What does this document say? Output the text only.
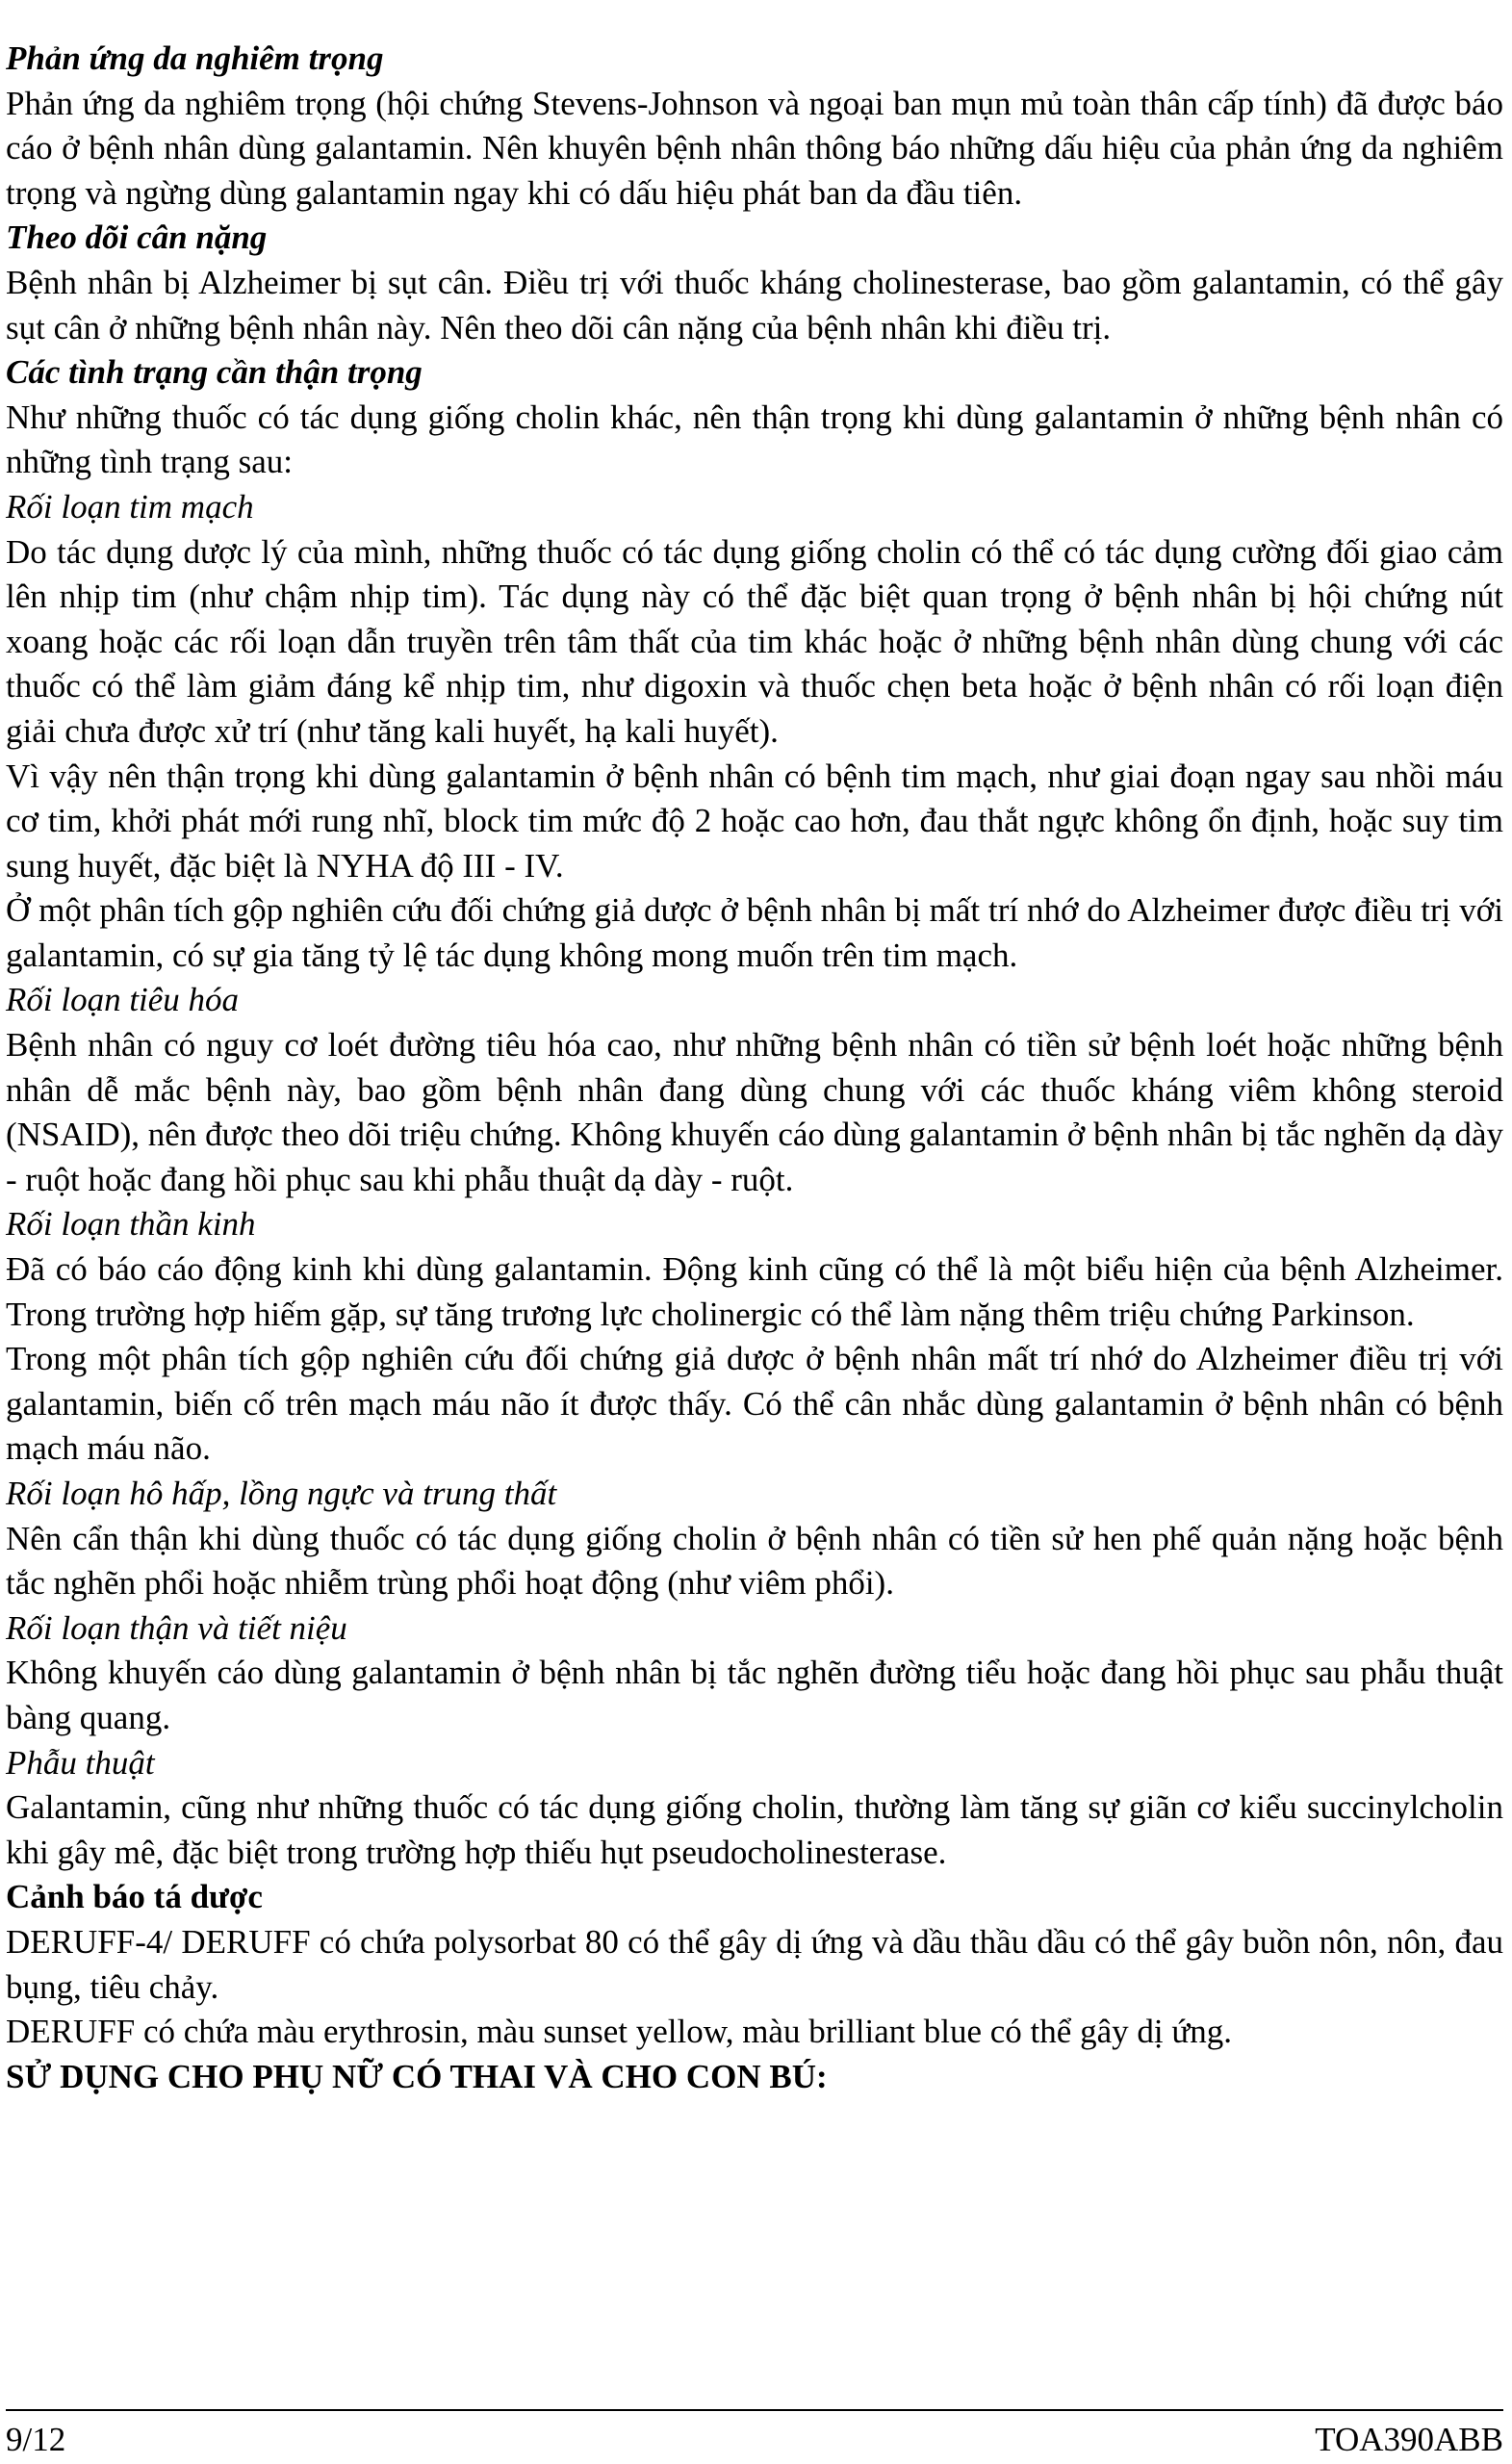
Phản ứng da nghiêm trọng

Phản ứng da nghiêm trọng (hội chứng Stevens-Johnson và ngoại ban mụn mủ toàn thân cấp tính) đã được báo cáo ở bệnh nhân dùng galantamin. Nên khuyên bệnh nhân thông báo những dấu hiệu của phản ứng da nghiêm trọng và ngừng dùng galantamin ngay khi có dấu hiệu phát ban da đầu tiên.

Theo dõi cân nặng

Bệnh nhân bị Alzheimer bị sụt cân. Điều trị với thuốc kháng cholinesterase, bao gồm galantamin, có thể gây sụt cân ở những bệnh nhân này. Nên theo dõi cân nặng của bệnh nhân khi điều trị.

Các tình trạng cần thận trọng

Như những thuốc có tác dụng giống cholin khác, nên thận trọng khi dùng galantamin ở những bệnh nhân có những tình trạng sau:

Rối loạn tim mạch

Do tác dụng dược lý của mình, những thuốc có tác dụng giống cholin có thể có tác dụng cường đối giao cảm lên nhịp tim (như chậm nhịp tim). Tác dụng này có thể đặc biệt quan trọng ở bệnh nhân bị hội chứng nút xoang hoặc các rối loạn dẫn truyền trên tâm thất của tim khác hoặc ở những bệnh nhân dùng chung với các thuốc có thể làm giảm đáng kể nhịp tim, như digoxin và thuốc chẹn beta hoặc ở bệnh nhân có rối loạn điện giải chưa được xử trí (như tăng kali huyết, hạ kali huyết).

Vì vậy nên thận trọng khi dùng galantamin ở bệnh nhân có bệnh tim mạch, như giai đoạn ngay sau nhồi máu cơ tim, khởi phát mới rung nhĩ, block tim mức độ 2 hoặc cao hơn, đau thắt ngực không ổn định, hoặc suy tim sung huyết, đặc biệt là NYHA độ III - IV.

Ở một phân tích gộp nghiên cứu đối chứng giả dược ở bệnh nhân bị mất trí nhớ do Alzheimer được điều trị với galantamin, có sự gia tăng tỷ lệ tác dụng không mong muốn trên tim mạch.

Rối loạn tiêu hóa

Bệnh nhân có nguy cơ loét đường tiêu hóa cao, như những bệnh nhân có tiền sử bệnh loét hoặc những bệnh nhân dễ mắc bệnh này, bao gồm bệnh nhân đang dùng chung với các thuốc kháng viêm không steroid (NSAID), nên được theo dõi triệu chứng. Không khuyến cáo dùng galantamin ở bệnh nhân bị tắc nghẽn dạ dày - ruột hoặc đang hồi phục sau khi phẫu thuật dạ dày - ruột.

Rối loạn thần kinh

Đã có báo cáo động kinh khi dùng galantamin. Động kinh cũng có thể là một biểu hiện của bệnh Alzheimer. Trong trường hợp hiếm gặp, sự tăng trương lực cholinergic có thể làm nặng thêm triệu chứng Parkinson.

Trong một phân tích gộp nghiên cứu đối chứng giả dược ở bệnh nhân mất trí nhớ do Alzheimer điều trị với galantamin, biến cố trên mạch máu não ít được thấy. Có thể cân nhắc dùng galantamin ở bệnh nhân có bệnh mạch máu não.

Rối loạn hô hấp, lồng ngực và trung thất

Nên cẩn thận khi dùng thuốc có tác dụng giống cholin ở bệnh nhân có tiền sử hen phế quản nặng hoặc bệnh tắc nghẽn phổi hoặc nhiễm trùng phổi hoạt động (như viêm phổi).

Rối loạn thận và tiết niệu

Không khuyến cáo dùng galantamin ở bệnh nhân bị tắc nghẽn đường tiểu hoặc đang hồi phục sau phẫu thuật bàng quang.

Phẫu thuật

Galantamin, cũng như những thuốc có tác dụng giống cholin, thường làm tăng sự giãn cơ kiểu succinylcholin khi gây mê, đặc biệt trong trường hợp thiếu hụt pseudocholinesterase.

Cảnh báo tá dược

DERUFF-4/ DERUFF có chứa polysorbat 80 có thể gây dị ứng và dầu thầu dầu có thể gây buồn nôn, nôn, đau bụng, tiêu chảy.

DERUFF có chứa màu erythrosin, màu sunset yellow, màu brilliant blue có thể gây dị ứng.

SỬ DỤNG CHO PHỤ NỮ CÓ THAI VÀ CHO CON BÚ:

9/12	TOA390ABB
